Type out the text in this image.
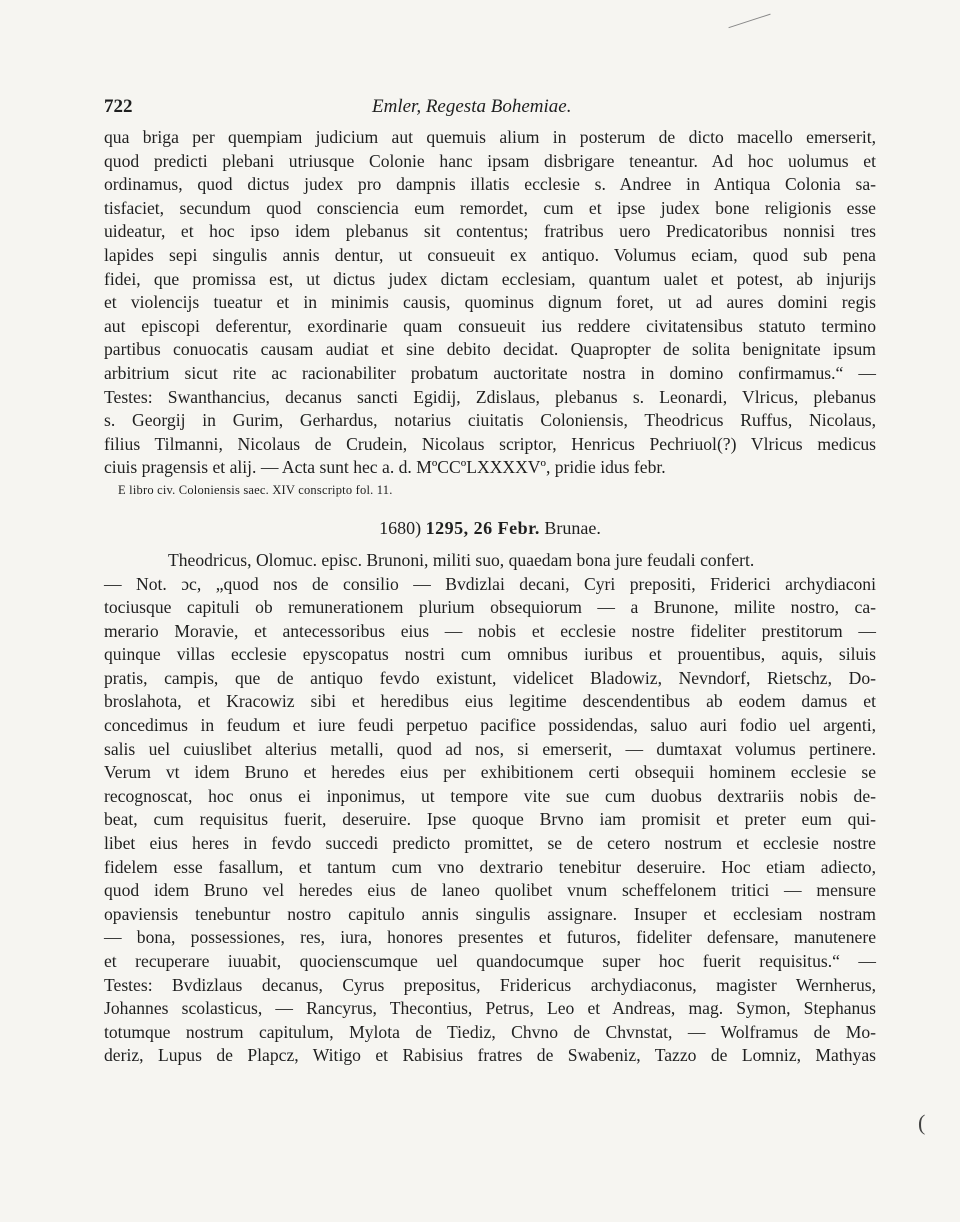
722	Emler, Regesta Bohemiae.

qua briga per quempiam judicium aut quemuis alium in posterum de dicto macello emerserit,

quod predicti plebani utriusque Colonie hanc ipsam disbrigare teneantur. Ad hoc uolumus et

ordinamus, quod dictus judex pro dampnis illatis ecclesie s. Andree in Antiqua Colonia sa-

tisfaciet, secundum quod consciencia eum remordet, cum et ipse judex bone religionis esse

uideatur, et hoc ipso idem plebanus sit contentus; fratribus uero Predicatoribus nonnisi tres

lapides sepi singulis annis dentur, ut consueuit ex antiquo. Volumus eciam, quod sub pena

fidei, que promissa est, ut dictus judex dictam ecclesiam, quantum ualet et potest, ab injurijs

et violencijs tueatur et in minimis causis, quominus dignum foret, ut ad aures domini regis

aut episcopi deferentur, exordinarie quam consueuit ius reddere civitatensibus statuto termino

partibus conuocatis causam audiat et sine debito decidat. Quapropter de solita benignitate ipsum

arbitrium sicut rite ac racionabiliter probatum auctoritate nostra in domino confirmamus.“ —

Testes: Swanthancius, decanus sancti Egidij, Zdislaus, plebanus s. Leonardi, Vlricus, plebanus

s. Georgij in Gurim, Gerhardus, notarius ciuitatis Coloniensis, Theodricus Ruffus, Nicolaus,

filius Tilmanni, Nicolaus de Crudein, Nicolaus scriptor, Henricus Pechriuol(?) Vlricus medicus

ciuis pragensis et alij. — Acta sunt hec a. d. MºCCºLXXXXVº, pridie idus febr.

E libro civ. Coloniensis saec. XIV conscripto fol. 11.
1680) 1295, 26 Febr. Brunae.

Theodricus, Olomuc. episc. Brunoni, militi suo, quaedam bona jure feudali confert.

— Not. ɔc, „quod nos de consilio — Bvdizlai decani, Cyri prepositi, Friderici archydiaconi

tociusque capituli ob remunerationem plurium obsequiorum — a Brunone, milite nostro, ca-

merario Moravie, et antecessoribus eius — nobis et ecclesie nostre fideliter prestitorum —

quinque villas ecclesie epyscopatus nostri cum omnibus iuribus et prouentibus, aquis, siluis

pratis, campis, que de antiquo fevdo existunt, videlicet Bladowiz, Nevndorf, Rietschz, Do-

broslahota, et Kracowiz sibi et heredibus eius legitime descendentibus ab eodem damus et

concedimus in feudum et iure feudi perpetuo pacifice possidendas, saluo auri fodio uel argenti,

salis uel cuiuslibet alterius metalli, quod ad nos, si emerserit, — dumtaxat volumus pertinere.

Verum vt idem Bruno et heredes eius per exhibitionem certi obsequii hominem ecclesie se

recognoscat, hoc onus ei inponimus, ut tempore vite sue cum duobus dextrariis nobis de-

beat, cum requisitus fuerit, deseruire. Ipse quoque Brvno iam promisit et preter eum qui-

libet eius heres in fevdo succedi predicto promittet, se de cetero nostrum et ecclesie nostre

fidelem esse fasallum, et tantum cum vno dextrario tenebitur deseruire. Hoc etiam adiecto,

quod idem Bruno vel heredes eius de laneo quolibet vnum scheffelonem tritici — mensure

opaviensis tenebuntur nostro capitulo annis singulis assignare. Insuper et ecclesiam nostram

— bona, possessiones, res, iura, honores presentes et futuros, fideliter defensare, manutenere

et recuperare iuuabit, quocienscumque uel quandocumque super hoc fuerit requisitus.“ —

Testes: Bvdizlaus decanus, Cyrus prepositus, Fridericus archydiaconus, magister Wernherus,

Johannes scolasticus, — Rancyrus, Thecontius, Petrus, Leo et Andreas, mag. Symon, Stephanus

totumque nostrum capitulum, Mylota de Tiediz, Chvno de Chvnstat, — Wolframus de Mo-

deriz, Lupus de Plapcz, Witigo et Rabisius fratres de Swabeniz, Tazzo de Lomniz, Mathyas

(
